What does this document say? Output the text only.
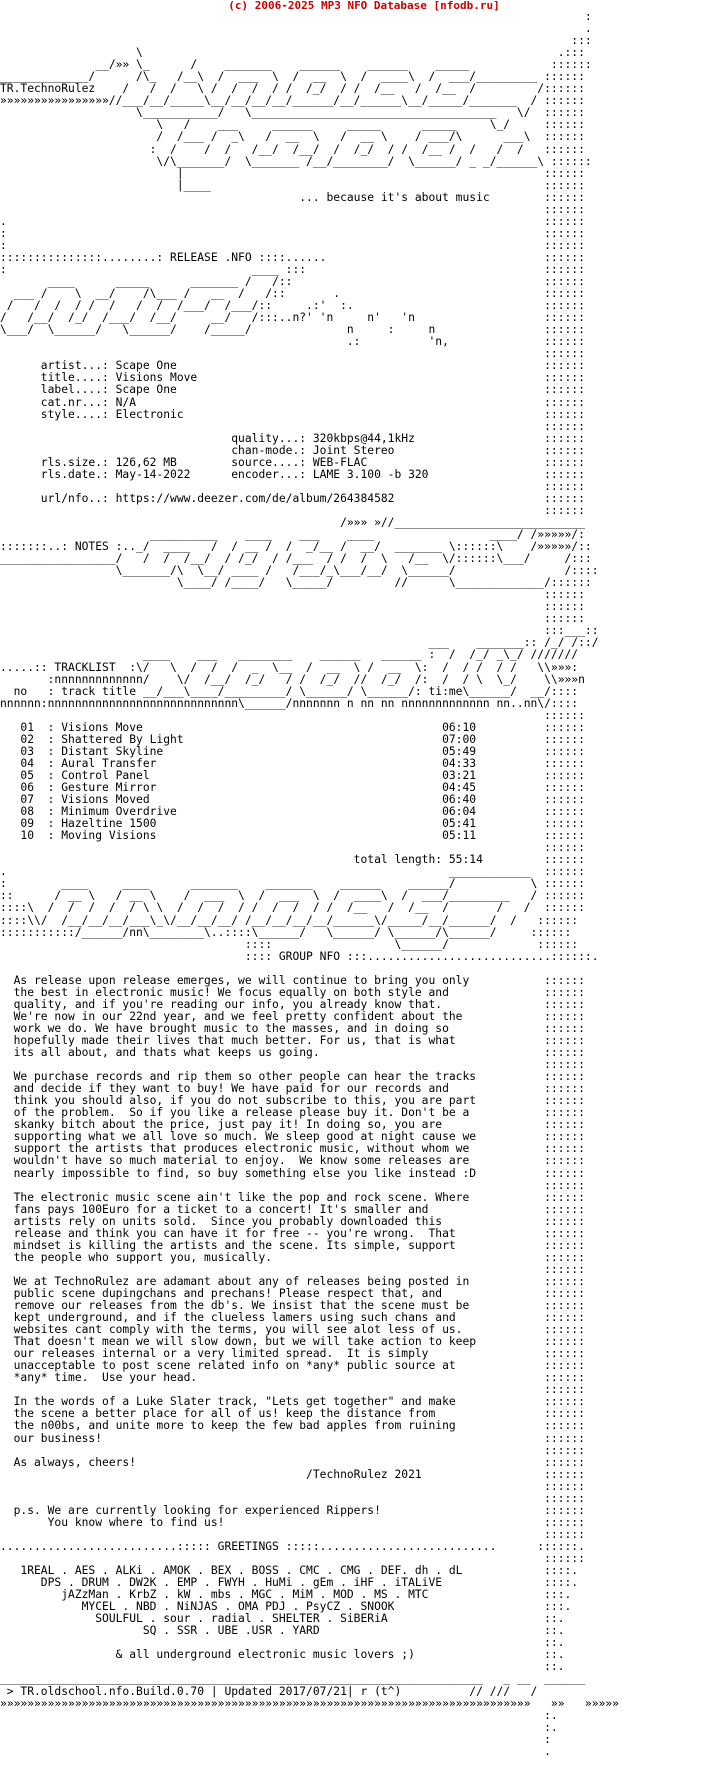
(c) 2006-2025 MP3 NFO Database [nfodb.ru]
:
.
:::
\                                                             .:::
__/»» \_      /    _______    ______    ______    _____            ::::::
_____________/      /\_   /__\  /  ___  \  /  __  \  /  ____\  /  ___/_________ ::::::
TR.TechnoRulez    /   /  /   \ /  /  /  / /  /_/  / /  /__   /  /__  /         /::::::
»»»»»»»»»»»»»»»»//___/__/_____\__/__/__/__/______/__/______\__/_____/_______  / ::::::
\___________/   \____________________________________   \/  ::::::
\   /    ___     ______     _____      _____     \_/     ::::::
/  /___ /  _\   /  __  \   /  __ \    / ___/\      ___\  ::::::
:  /    /  /   /__/  /__/  /  /_/  / /  /__ /  /   /  /   ::::::
\/\_______/  \_______ /__/________/  \______/ _ _/______\ ::::::
|                                                     ::::::
|____                                                 ::::::
... because it's about music        ::::::
::::::
.                                                                               ::::::
:                                                                               ::::::
:                                                                               ::::::
:::::::::::::::........: RELEASE .NFO ::::......                                ::::::
:                                    ____ :::                                   ::::::
____      _____      _______ /   /::                                     ::::::
___ /    \  __/    /\___ /   __  /   /::       .                              ::::::
/   /  /  / /  /   /  /  /___/  /___/::     .:'  :.                            ::::::
/   /__/  /_/  /___/  /__/     __/   /:::..n?' 'n     n'   'n                   ::::::
\___/  \______/   \______/    /_____/              n     :     n                ::::::
.:          'n,              ::::::
::::::
artist...: Scape One                                                      ::::::
title....: Visions Move                                                   ::::::
label....: Scape One                                                      ::::::
cat.nr...: N/A                                                            ::::::
style....: Electronic                                                     ::::::
::::::
quality...: 320kbps@44,1kHz                   ::::::
chan-mode.: Joint Stereo                      ::::::
rls.size.: 126,62 MB        source....: WEB-FLAC                          ::::::
rls.date.: May-14-2022      encoder...: LAME 3.100 -b 320                 ::::::
::::::
url/nfo..: https://www.deezer.com/de/album/264384582                      ::::::
::::::
/»»» »//____________________________
__________    ____    ___    ____                 ____/ /»»»»»/:
:::::::..: NOTES :.._/  ____   /  / __ /  /  _/__ /  __/  _______ \::::::\    /»»»»»/::
_________________/   /  /  /__/  / /_/  / /___  / /  /  \   /__  \/::::::\___/     /:::
\_______/\  \__/ ____ /   /___/_\___/__/  \______/                /::::
\____/ /____/   \_____/         //      \_____________/::::::
::::::
::::::
::::::
:::___::
___    _______:: /_/ /::/
____    ___   ________    ______   ______ :  /  /_/ _\_/ ///////
.....:: TRACKLIST  :\/   \  /  /  /  _  \__  /  __  \ /  __  \:  /  / /  / /   \\»»»:
:nnnnnnnnnnnnn/    \/  /__/  /_/   / /  /_/  //  /_/  /:  /  / \  \_/    \\»»»n
no   : track title __/___\____/_________/ \______/ \______/: ti:me\______/  __/::::
nnnnnn:nnnnnnnnnnnnnnnnnnnnnnnnnnnn\______/nnnnnnn n nn nn nnnnnnnnnnnnn nn..nn\/::::
::::::
01  : Visions Move                                            06:10          ::::::
02  : Shattered By Light                                      07:00          ::::::
03  : Distant Skyline                                         05:49          ::::::
04  : Aural Transfer                                          04:33          ::::::
05  : Control Panel                                           03:21          ::::::
06  : Gesture Mirror                                          04:45          ::::::
07  : Visions Moved                                           06:40          ::::::
08  : Minimum Overdrive                                       06:04          ::::::
09  : Hazeltine 1500                                          05:41          ::::::
10  : Moving Visions                                          05:11          ::::::
::::::
total length: 55:14         ::::::
.                                                                 ____________  ::::::
:        ____     ____      _______    _______    ______    ______/           \ ::::::
::      / __ \   / __ \    /  ___  \  /  ___  \  /  ____\  /  ___/_________   / ::::::
::::\  /  /  /  /  / \ \  /  /  /  / /  /  /  / /  /__   /  /__  /       /   /  ::::::
::::\\/  /__/__/__/___\_\/__/__/__/ /__/__/__/__/______\/_____/__/______/  /   ::::::
:::::::::::/______/nn\________\..::::\______/   \______/ \______/\______/     ::::::
::::                  \______/             ::::::
:::: GROUP NFO :::...........................::::::.

As release upon release emerges, we will continue to bring you only           ::::::
the best in electronic music! We focus equally on both style and              ::::::
quality, and if you're reading our info, you already know that.               ::::::
We're now in our 22nd year, and we feel pretty confident about the            ::::::
work we do. We have brought music to the masses, and in doing so              ::::::
hopefully made their lives that much better. For us, that is what             ::::::
its all about, and thats what keeps us going.                                 ::::::
::::::
We purchase records and rip them so other people can hear the tracks          ::::::
and decide if they want to buy! We have paid for our records and              ::::::
think you should also, if you do not subscribe to this, you are part          ::::::
of the problem.  So if you like a release please buy it. Don't be a           ::::::
skanky bitch about the price, just pay it! In doing so, you are               ::::::
supporting what we all love so much. We sleep good at night cause we          ::::::
support the artists that produces electronic music, without whom we           ::::::
wouldn't have so much material to enjoy.  We know some releases are           ::::::
nearly impossible to find, so buy something else you like instead :D          ::::::
::::::
The electronic music scene ain't like the pop and rock scene. Where           ::::::
fans pays 100Euro for a ticket to a concert! It's smaller and                 ::::::
artists rely on units sold.  Since you probably downloaded this               ::::::
release and think you can have it for free -- you're wrong.  That             ::::::
mindset is killing the artists and the scene. Its simple, support             ::::::
the people who support you, musically.                                        ::::::
::::::
We at TechnoRulez are adamant about any of releases being posted in           ::::::
public scene dupingchans and prechans! Please respect that, and               ::::::
remove our releases from the db's. We insist that the scene must be           ::::::
kept underground, and if the clueless lamers using such chans and             ::::::
websites cant comply with the terms, you will see alot less of us.            ::::::
That doesn't mean we will slow down, but we will take action to keep          ::::::
our releases internal or a very limited spread.  It is simply                 ::::::
unacceptable to post scene related info on *any* public source at             ::::::
*any* time.  Use your head.                                                   ::::::
::::::
In the words of a Luke Slater track, "Lets get together" and make             ::::::
the scene a better place for all of us! keep the distance from                ::::::
the n00bs, and unite more to keep the few bad apples from ruining             ::::::
our business!                                                                 ::::::
::::::
As always, cheers!                                                            ::::::
/TechnoRulez 2021                  ::::::
::::::
::::::
p.s. We are currently looking for experienced Rippers!                        ::::::
You know where to find us!                                               ::::::
::::::
..........................::::: GREETINGS :::::..........................      ::::::.
::::::
1REAL . AES . ALKi . AMOK . BEX . BOSS . CMC . CMG . DEF. dh . dL            ::::.
DPS . DRUM . DW2K . EMP . FWYH . HuMi . gEm . iHF . iTALiVE               ::::.
jAZzMan . KrbZ . kW . mbs . MGC . MiM . MOD . MS . MTC                 :::.
MYCEL . NBD . NiNJAS . OMA PDJ . PsyCZ . SNOOK                      :::.
SOULFUL . sour . radial . SHELTER . SiBERiA                       ::.
SQ . SSR . UBE .USR . YARD                                 ::.
::.
& all underground electronic music lovers ;)                   ::.
::.
_______________________________________________________________________   _ __  ______
> TR.oldschool.nfo.Build.0.70 | Updated 2017/07/21| r (t^)          // ///   /
»»»»»»»»»»»»»»»»»»»»»»»»»»»»»»»»»»»»»»»»»»»»»»»»»»»»»»»»»»»»»»»»»»»»»»»»»»»»»»   »»   »»»»»
:.
:.
:
.
